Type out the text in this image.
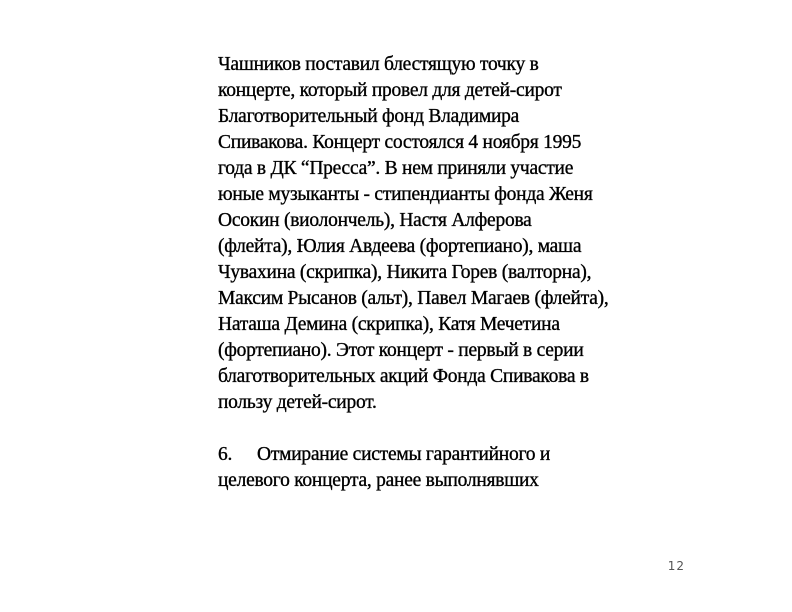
Чашников поставил блестящую точку в
концерте, который провел для детей-сирот
Благотворительный фонд Владимира
Спивакова. Концерт состоялся 4 ноября 1995
года в ДК “Пресса”. В нем приняли участие
юные музыканты - стипендианты фонда Женя
Осокин (виолончель), Настя Алферова
(флейта), Юлия Авдеева (фортепиано), маша
Чувахина (скрипка), Никита Горев (валторна),
Максим Рысанов (альт), Павел Магаев (флейта),
Наташа Демина (скрипка), Катя Мечетина
(фортепиано). Этот концерт - первый в серии
благотворительных акций Фонда Спивакова в
пользу детей-сирот.
6.	Отмирание системы гарантийного и
целевого концерта, ранее выполнявших
12
